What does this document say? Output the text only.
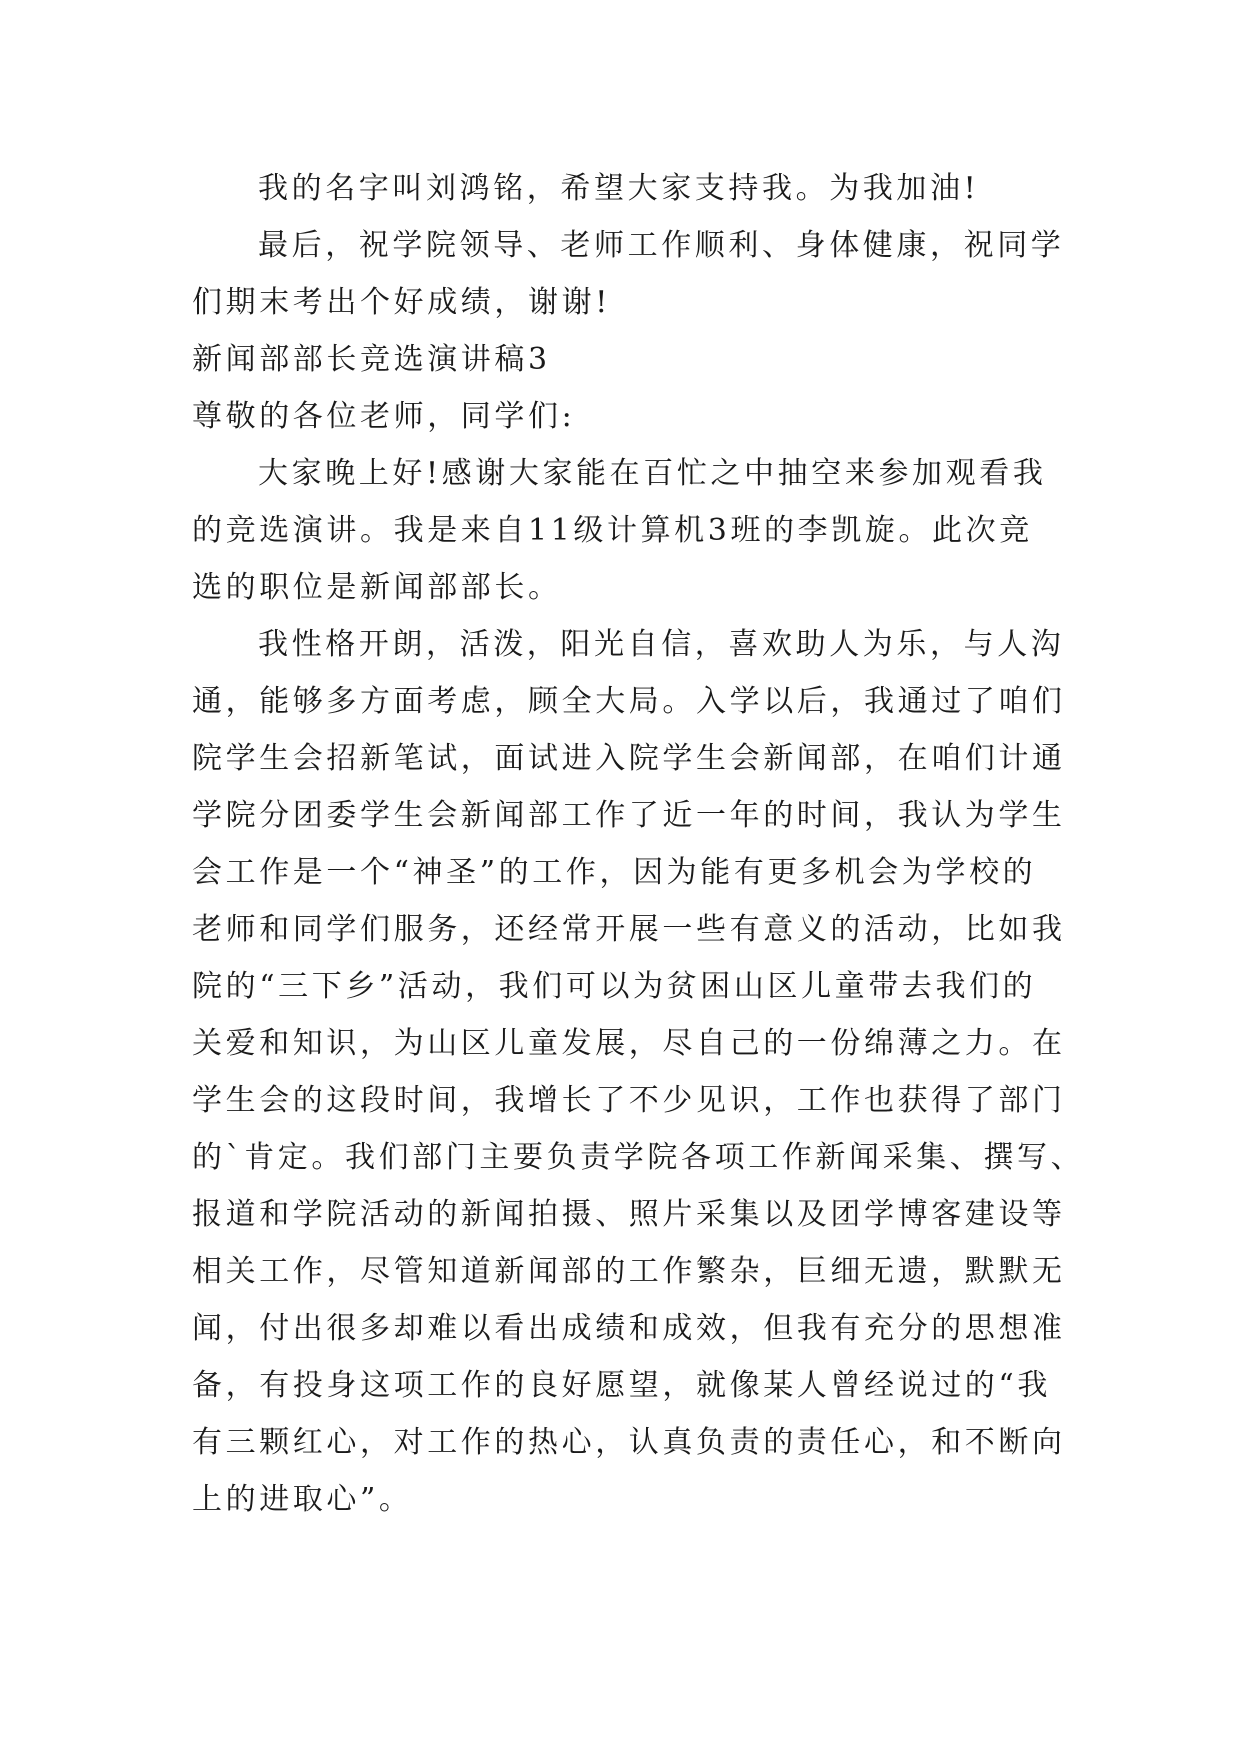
我的名字叫刘鸿铭，希望大家支持我。为我加油!
最后，祝学院领导、老师工作顺利、身体健康，祝同学
们期末考出个好成绩，谢谢!
新闻部部长竞选演讲稿3
尊敬的各位老师，同学们:
大家晚上好!感谢大家能在百忙之中抽空来参加观看我
的竞选演讲。我是来自11级计算机3班的李凯旋。此次竞
选的职位是新闻部部长。
我性格开朗，活泼，阳光自信，喜欢助人为乐，与人沟
通，能够多方面考虑，顾全大局。入学以后，我通过了咱们
院学生会招新笔试，面试进入院学生会新闻部，在咱们计通
学院分团委学生会新闻部工作了近一年的时间，我认为学生
会工作是一个“神圣”的工作，因为能有更多机会为学校的
老师和同学们服务，还经常开展一些有意义的活动，比如我
院的“三下乡”活动，我们可以为贫困山区儿童带去我们的
关爱和知识，为山区儿童发展，尽自己的一份绵薄之力。在
学生会的这段时间，我增长了不少见识，工作也获得了部门
的`肯定。我们部门主要负责学院各项工作新闻采集、撰写、
报道和学院活动的新闻拍摄、照片采集以及团学博客建设等
相关工作，尽管知道新闻部的工作繁杂，巨细无遗，默默无
闻，付出很多却难以看出成绩和成效，但我有充分的思想准
备，有投身这项工作的良好愿望，就像某人曾经说过的“我
有三颗红心，对工作的热心，认真负责的责任心，和不断向
上的进取心”。
